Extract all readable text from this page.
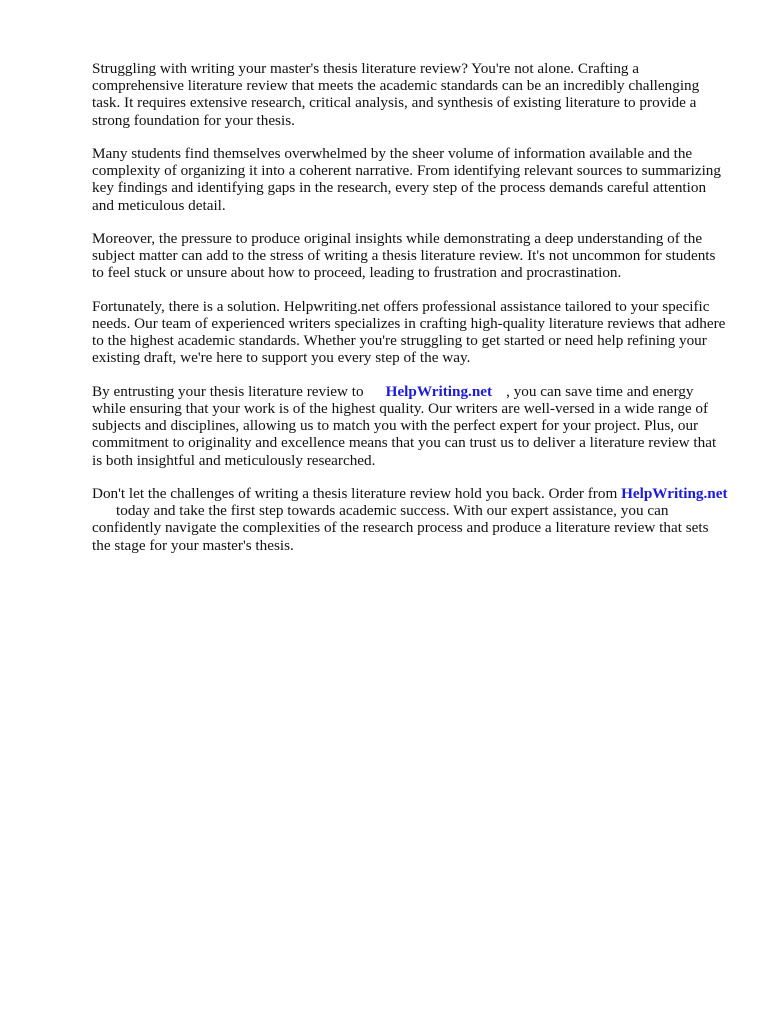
Struggling with writing your master's thesis literature review? You're not alone. Crafting a comprehensive literature review that meets the academic standards can be an incredibly challenging task. It requires extensive research, critical analysis, and synthesis of existing literature to provide a strong foundation for your thesis.

Many students find themselves overwhelmed by the sheer volume of information available and the complexity of organizing it into a coherent narrative. From identifying relevant sources to summarizing key findings and identifying gaps in the research, every step of the process demands careful attention and meticulous detail.

Moreover, the pressure to produce original insights while demonstrating a deep understanding of the subject matter can add to the stress of writing a thesis literature review. It's not uncommon for students to feel stuck or unsure about how to proceed, leading to frustration and procrastination.

Fortunately, there is a solution. Helpwriting.net offers professional assistance tailored to your specific needs. Our team of experienced writers specializes in crafting high-quality literature reviews that adhere to the highest academic standards. Whether you're struggling to get started or need help refining your existing draft, we're here to support you every step of the way.

By entrusting your thesis literature review to HelpWriting.net , you can save time and energy while ensuring that your work is of the highest quality. Our writers are well-versed in a wide range of subjects and disciplines, allowing us to match you with the perfect expert for your project. Plus, our commitment to originality and excellence means that you can trust us to deliver a literature review that is both insightful and meticulously researched.

Don't let the challenges of writing a thesis literature review hold you back. Order from HelpWriting.nettoday and take the first step towards academic success. With our expert assistance, you can confidently navigate the complexities of the research process and produce a literature review that sets the stage for your master's thesis.
